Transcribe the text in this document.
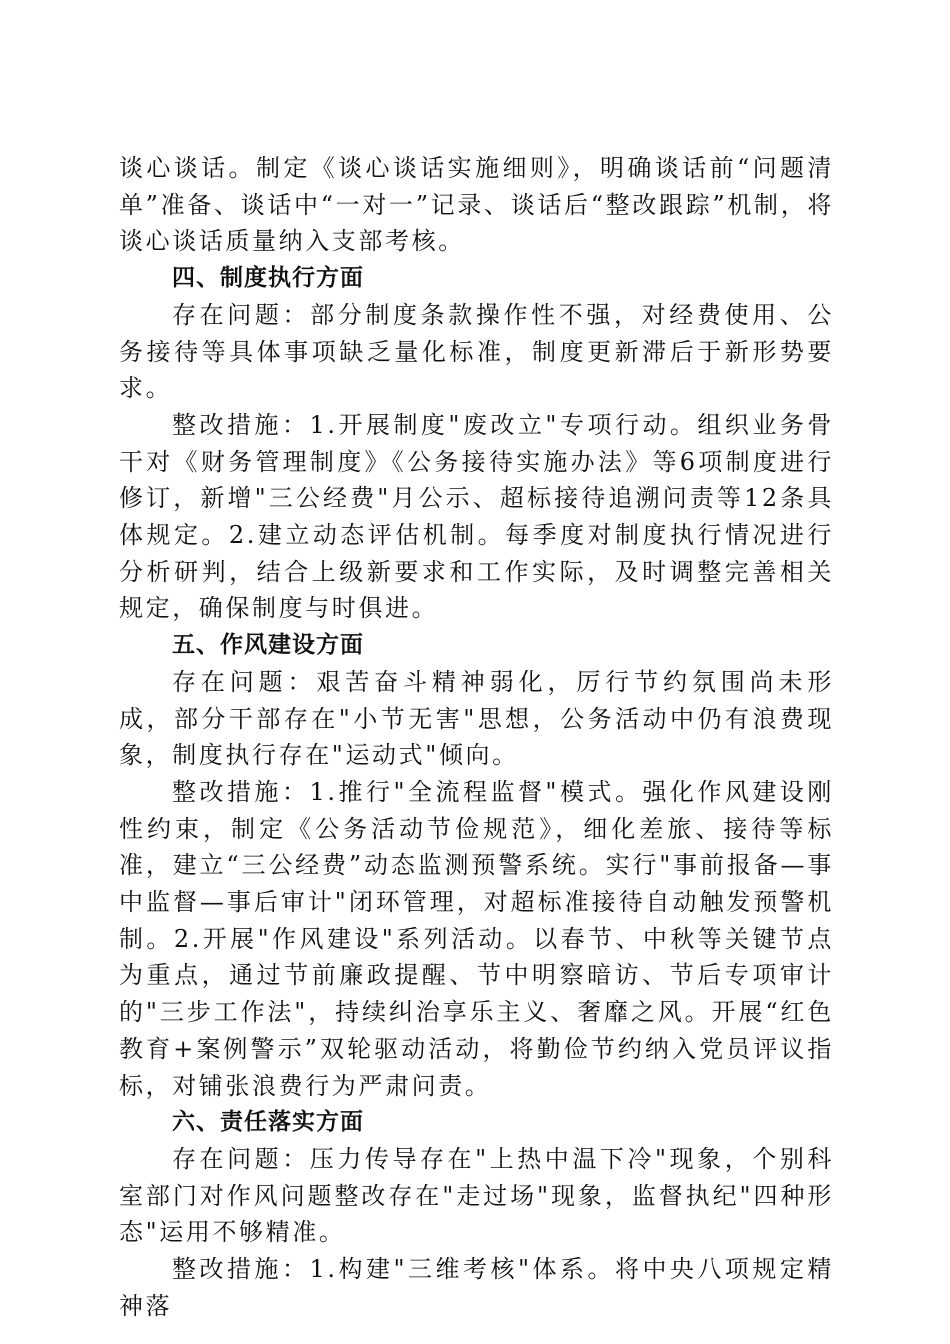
谈心谈话。制定《谈心谈话实施细则》，明确谈话前“问题清单”准备、谈话中“一对一”记录、谈话后“整改跟踪”机制，将谈心谈话质量纳入支部考核。

四、制度执行方面

存在问题：部分制度条款操作性不强，对经费使用、公务接待等具体事项缺乏量化标准，制度更新滞后于新形势要求。

整改措施：1.开展制度"废改立"专项行动。组织业务骨干对《财务管理制度》《公务接待实施办法》等6项制度进行修订，新增"三公经费"月公示、超标接待追溯问责等12条具体规定。2.建立动态评估机制。每季度对制度执行情况进行分析研判，结合上级新要求和工作实际，及时调整完善相关规定，确保制度与时俱进。

五、作风建设方面

存在问题：艰苦奋斗精神弱化，厉行节约氛围尚未形成，部分干部存在"小节无害"思想，公务活动中仍有浪费现象，制度执行存在"运动式"倾向。

整改措施：1.推行"全流程监督"模式。强化作风建设刚性约束，制定《公务活动节俭规范》，细化差旅、接待等标准，建立“三公经费”动态监测预警系统。实行"事前报备—事中监督—事后审计"闭环管理，对超标准接待自动触发预警机制。2.开展"作风建设"系列活动。以春节、中秋等关键节点为重点，通过节前廉政提醒、节中明察暗访、节后专项审计的"三步工作法"，持续纠治享乐主义、奢靡之风。开展“红色教育+案例警示”双轮驱动活动，将勤俭节约纳入党员评议指标，对铺张浪费行为严肃问责。

六、责任落实方面

存在问题：压力传导存在"上热中温下冷"现象，个别科室部门对作风问题整改存在"走过场"现象，监督执纪"四种形态"运用不够精准。

整改措施：1.构建"三维考核"体系。将中央八项规定精神落
